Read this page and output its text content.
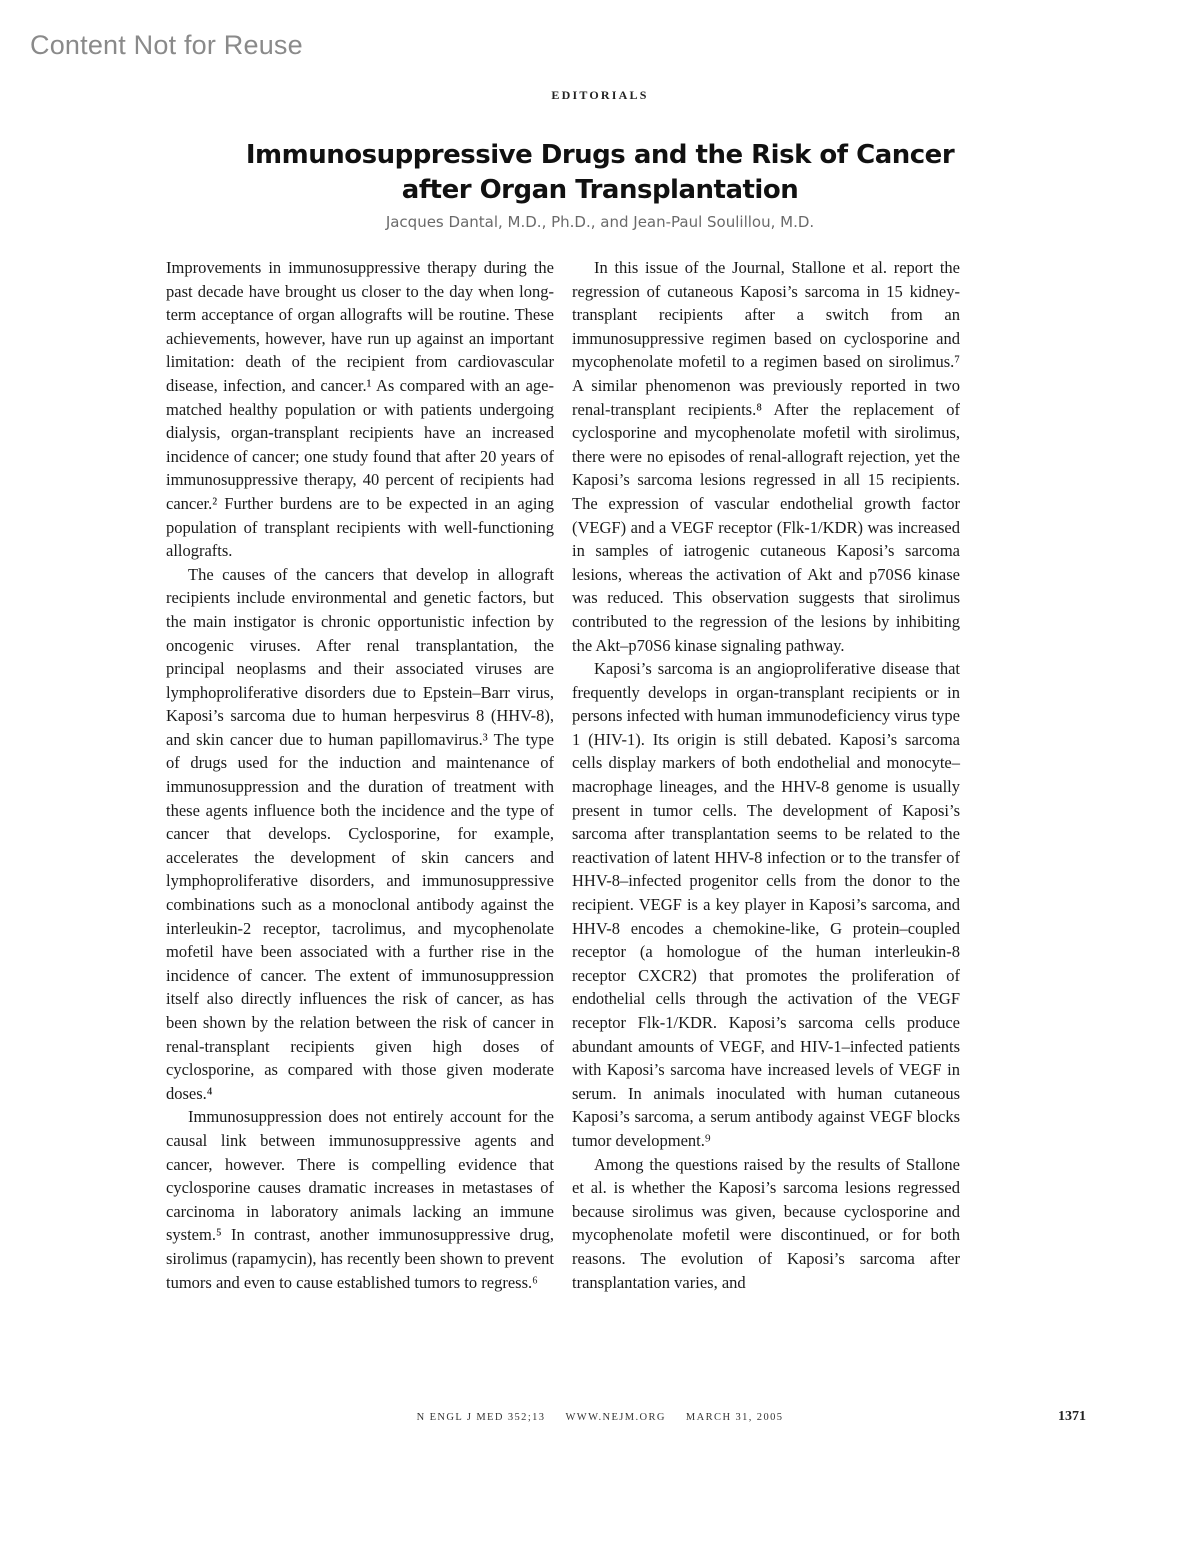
Content Not for Reuse
EDITORIALS
Immunosuppressive Drugs and the Risk of Cancer
after Organ Transplantation
Jacques Dantal, M.D., Ph.D., and Jean-Paul Soulillou, M.D.

Improvements in immunosuppressive therapy during the past decade have brought us closer to the day when long-term acceptance of organ allografts will be routine. These achievements, however, have run up against an important limitation: death of the recipient from cardiovascular disease, infection, and cancer.¹ As compared with an age-matched healthy population or with patients undergoing dialysis, organ-transplant recipients have an increased incidence of cancer; one study found that after 20 years of immunosuppressive therapy, 40 percent of recipients had cancer.² Further burdens are to be expected in an aging population of transplant recipients with well-functioning allografts.

The causes of the cancers that develop in allograft recipients include environmental and genetic factors, but the main instigator is chronic opportunistic infection by oncogenic viruses. After renal transplantation, the principal neoplasms and their associated viruses are lymphoproliferative disorders due to Epstein–Barr virus, Kaposi’s sarcoma due to human herpesvirus 8 (HHV-8), and skin cancer due to human papillomavirus.³ The type of drugs used for the induction and maintenance of immunosuppression and the duration of treatment with these agents influence both the incidence and the type of cancer that develops. Cyclosporine, for example, accelerates the development of skin cancers and lymphoproliferative disorders, and immunosuppressive combinations such as a monoclonal antibody against the interleukin-2 receptor, tacrolimus, and mycophenolate mofetil have been associated with a further rise in the incidence of cancer. The extent of immunosuppression itself also directly influences the risk of cancer, as has been shown by the relation between the risk of cancer in renal-transplant recipients given high doses of cyclosporine, as compared with those given moderate doses.⁴

Immunosuppression does not entirely account for the causal link between immunosuppressive agents and cancer, however. There is compelling evidence that cyclosporine causes dramatic increases in metastases of carcinoma in laboratory animals lacking an immune system.⁵ In contrast, another immunosuppressive drug, sirolimus (rapamycin), has recently been shown to prevent tumors and even to cause established tumors to regress.⁶

In this issue of the Journal, Stallone et al. report the regression of cutaneous Kaposi’s sarcoma in 15 kidney-transplant recipients after a switch from an immunosuppressive regimen based on cyclosporine and mycophenolate mofetil to a regimen based on sirolimus.⁷ A similar phenomenon was previously reported in two renal-transplant recipients.⁸ After the replacement of cyclosporine and mycophenolate mofetil with sirolimus, there were no episodes of renal-allograft rejection, yet the Kaposi’s sarcoma lesions regressed in all 15 recipients. The expression of vascular endothelial growth factor (VEGF) and a VEGF receptor (Flk-1/KDR) was increased in samples of iatrogenic cutaneous Kaposi’s sarcoma lesions, whereas the activation of Akt and p70S6 kinase was reduced. This observation suggests that sirolimus contributed to the regression of the lesions by inhibiting the Akt–p70S6 kinase signaling pathway.

Kaposi’s sarcoma is an angioproliferative disease that frequently develops in organ-transplant recipients or in persons infected with human immunodeficiency virus type 1 (HIV-1). Its origin is still debated. Kaposi’s sarcoma cells display markers of both endothelial and monocyte–macrophage lineages, and the HHV-8 genome is usually present in tumor cells. The development of Kaposi’s sarcoma after transplantation seems to be related to the reactivation of latent HHV-8 infection or to the transfer of HHV-8–infected progenitor cells from the donor to the recipient. VEGF is a key player in Kaposi’s sarcoma, and HHV-8 encodes a chemokine-like, G protein–coupled receptor (a homologue of the human interleukin-8 receptor CXCR2) that promotes the proliferation of endothelial cells through the activation of the VEGF receptor Flk-1/KDR. Kaposi’s sarcoma cells produce abundant amounts of VEGF, and HIV-1–infected patients with Kaposi’s sarcoma have increased levels of VEGF in serum. In animals inoculated with human cutaneous Kaposi’s sarcoma, a serum antibody against VEGF blocks tumor development.⁹

Among the questions raised by the results of Stallone et al. is whether the Kaposi’s sarcoma lesions regressed because sirolimus was given, because cyclosporine and mycophenolate mofetil were discontinued, or for both reasons. The evolution of Kaposi’s sarcoma after transplantation varies, and

N ENGL J MED 352;13 WWW.NEJM.ORG MARCH 31, 2005	1371
